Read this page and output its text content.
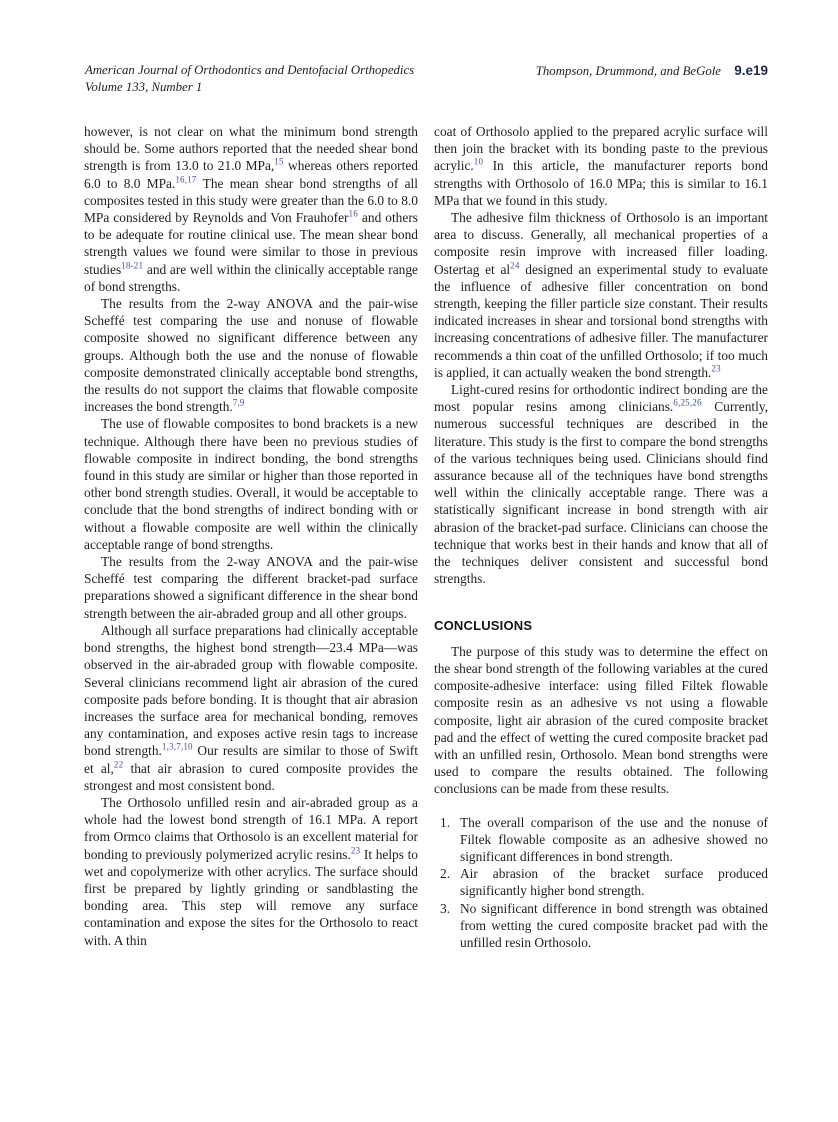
American Journal of Orthodontics and Dentofacial Orthopedics
Volume 133, Number 1
Thompson, Drummond, and BeGole 9.e19

however, is not clear on what the minimum bond strength should be. Some authors reported that the needed shear bond strength is from 13.0 to 21.0 MPa,$^{15}$ whereas others reported 6.0 to 8.0 MPa.$^{16,17}$ The mean shear bond strengths of all composites tested in this study were greater than the 6.0 to 8.0 MPa considered by Reynolds and Von Frauhofer$^{16}$ and others to be adequate for routine clinical use. The mean shear bond strength values we found were similar to those in previous studies$^{18-21}$ and are well within the clinically acceptable range of bond strengths.

The results from the 2-way ANOVA and the pair-wise Scheffé test comparing the use and nonuse of flowable composite showed no significant difference between any groups. Although both the use and the nonuse of flowable composite demonstrated clinically acceptable bond strengths, the results do not support the claims that flowable composite increases the bond strength.$^{7,9}$

The use of flowable composites to bond brackets is a new technique. Although there have been no previous studies of flowable composite in indirect bonding, the bond strengths found in this study are similar or higher than those reported in other bond strength studies. Overall, it would be acceptable to conclude that the bond strengths of indirect bonding with or without a flowable composite are well within the clinically acceptable range of bond strengths.

The results from the 2-way ANOVA and the pair-wise Scheffé test comparing the different bracket-pad surface preparations showed a significant difference in the shear bond strength between the air-abraded group and all other groups.

Although all surface preparations had clinically acceptable bond strengths, the highest bond strength—23.4 MPa—was observed in the air-abraded group with flowable composite. Several clinicians recommend light air abrasion of the cured composite pads before bonding. It is thought that air abrasion increases the surface area for mechanical bonding, removes any contamination, and exposes active resin tags to increase bond strength.$^{1,3,7,10}$ Our results are similar to those of Swift et al,$^{22}$ that air abrasion to cured composite provides the strongest and most consistent bond.

The Orthosolo unfilled resin and air-abraded group as a whole had the lowest bond strength of 16.1 MPa. A report from Ormco claims that Orthosolo is an excellent material for bonding to previously polymerized acrylic resins.$^{23}$ It helps to wet and copolymerize with other acrylics. The surface should first be prepared by lightly grinding or sandblasting the bonding area. This step will remove any surface contamination and expose the sites for the Orthosolo to react with. A thin

coat of Orthosolo applied to the prepared acrylic surface will then join the bracket with its bonding paste to the previous acrylic.$^{10}$ In this article, the manufacturer reports bond strengths with Orthosolo of 16.0 MPa; this is similar to 16.1 MPa that we found in this study.

The adhesive film thickness of Orthosolo is an important area to discuss. Generally, all mechanical properties of a composite resin improve with increased filler loading. Ostertag et al$^{24}$ designed an experimental study to evaluate the influence of adhesive filler concentration on bond strength, keeping the filler particle size constant. Their results indicated increases in shear and torsional bond strengths with increasing concentrations of adhesive filler. The manufacturer recommends a thin coat of the unfilled Orthosolo; if too much is applied, it can actually weaken the bond strength.$^{23}$

Light-cured resins for orthodontic indirect bonding are the most popular resins among clinicians.$^{6,25,26}$ Currently, numerous successful techniques are described in the literature. This study is the first to compare the bond strengths of the various techniques being used. Clinicians should find assurance because all of the techniques have bond strengths well within the clinically acceptable range. There was a statistically significant increase in bond strength with air abrasion of the bracket-pad surface. Clinicians can choose the technique that works best in their hands and know that all of the techniques deliver consistent and successful bond strengths.

CONCLUSIONS

The purpose of this study was to determine the effect on the shear bond strength of the following variables at the cured composite-adhesive interface: using filled Filtek flowable composite resin as an adhesive vs not using a flowable composite, light air abrasion of the cured composite bracket pad and the effect of wetting the cured composite bracket pad with an unfilled resin, Orthosolo. Mean bond strengths were used to compare the results obtained. The following conclusions can be made from these results.

1. The overall comparison of the use and the nonuse of Filtek flowable composite as an adhesive showed no significant differences in bond strength.
2. Air abrasion of the bracket surface produced significantly higher bond strength.
3. No significant difference in bond strength was obtained from wetting the cured composite bracket pad with the unfilled resin Orthosolo.
